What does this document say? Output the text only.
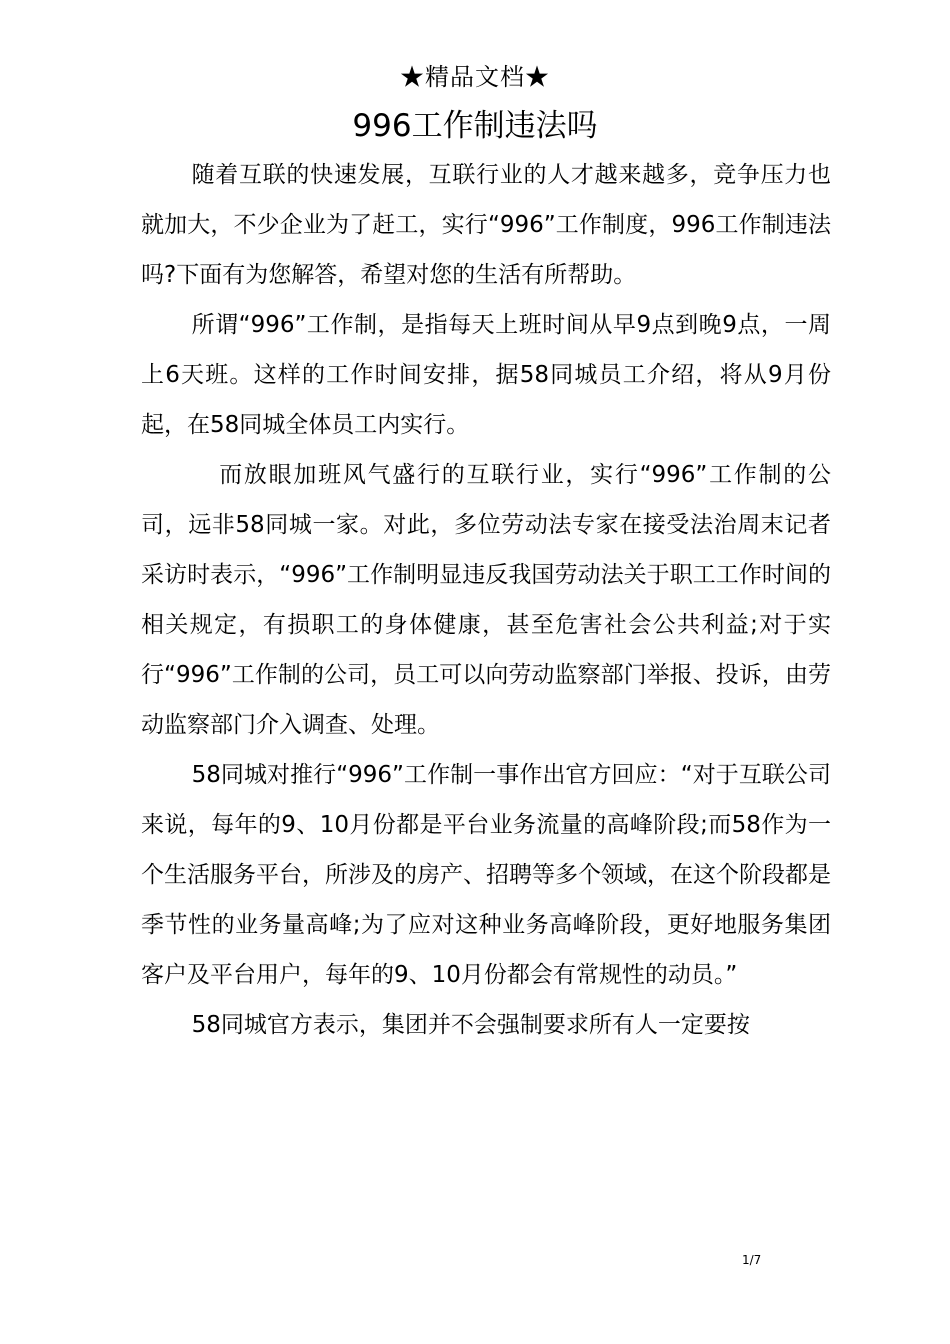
★精品文档★
996工作制违法吗

随着互联的快速发展，互联行业的人才越来越多，竞争压力也就加大，不少企业为了赶工，实行“996”工作制度，996工作制违法吗?下面有为您解答，希望对您的生活有所帮助。

所谓“996”工作制，是指每天上班时间从早9点到晚9点，一周上6天班。这样的工作时间安排，据58同城员工介绍，将从9月份起，在58同城全体员工内实行。

而放眼加班风气盛行的互联行业，实行“996”工作制的公司，远非58同城一家。对此，多位劳动法专家在接受法治周末记者采访时表示，“996”工作制明显违反我国劳动法关于职工工作时间的相关规定，有损职工的身体健康，甚至危害社会公共利益;对于实行“996”工作制的公司，员工可以向劳动监察部门举报、投诉，由劳动监察部门介入调查、处理。

58同城对推行“996”工作制一事作出官方回应：“对于互联公司来说，每年的9、10月份都是平台业务流量的高峰阶段;而58作为一个生活服务平台，所涉及的房产、招聘等多个领域，在这个阶段都是季节性的业务量高峰;为了应对这种业务高峰阶段，更好地服务集团客户及平台用户，每年的9、10月份都会有常规性的动员。”

58同城官方表示，集团并不会强制要求所有人一定要按

1/7
